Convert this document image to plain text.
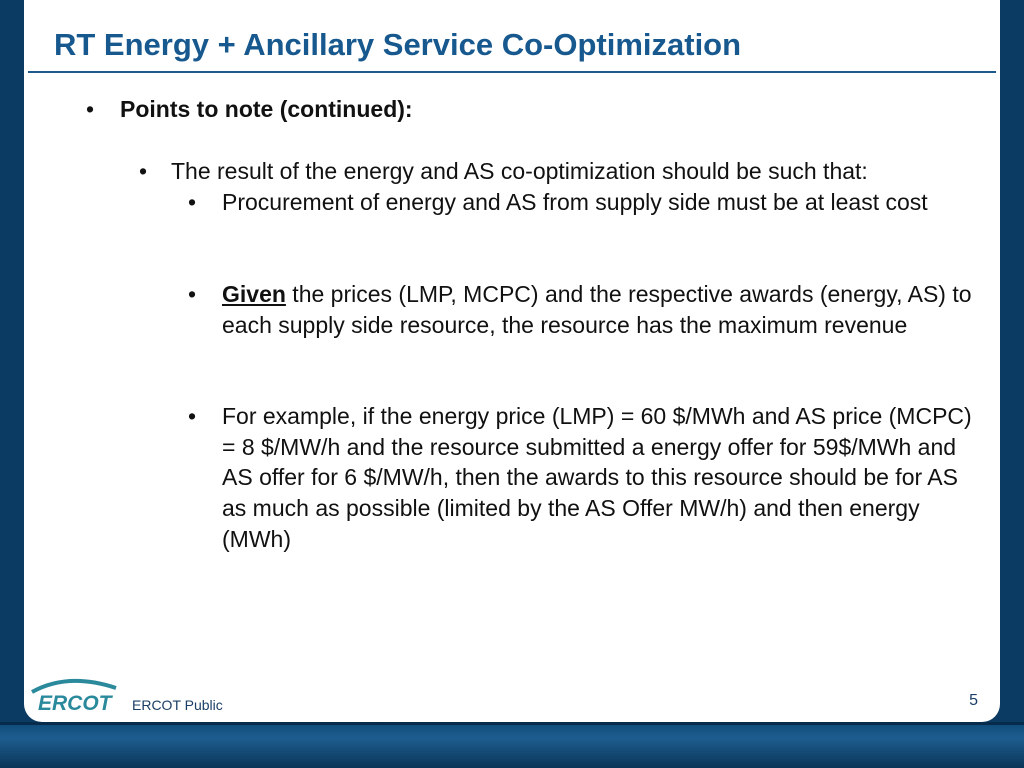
RT Energy + Ancillary Service Co-Optimization

• Points to note (continued):

• The result of the energy and AS co-optimization should be such that:

• Procurement of energy and AS from supply side must be at least cost

• Given the prices (LMP, MCPC) and the respective awards (energy, AS) to each supply side resource, the resource has the maximum revenue

• For example, if the energy price (LMP) = 60 $/MWh and AS price (MCPC) = 8 $/MW/h and the resource submitted a energy offer for 59$/MWh and AS offer for 6 $/MW/h, then the awards to this resource should be for AS as much as possible (limited by the AS Offer MW/h) and then energy (MWh)

ERCOT ERCOT Public	5
